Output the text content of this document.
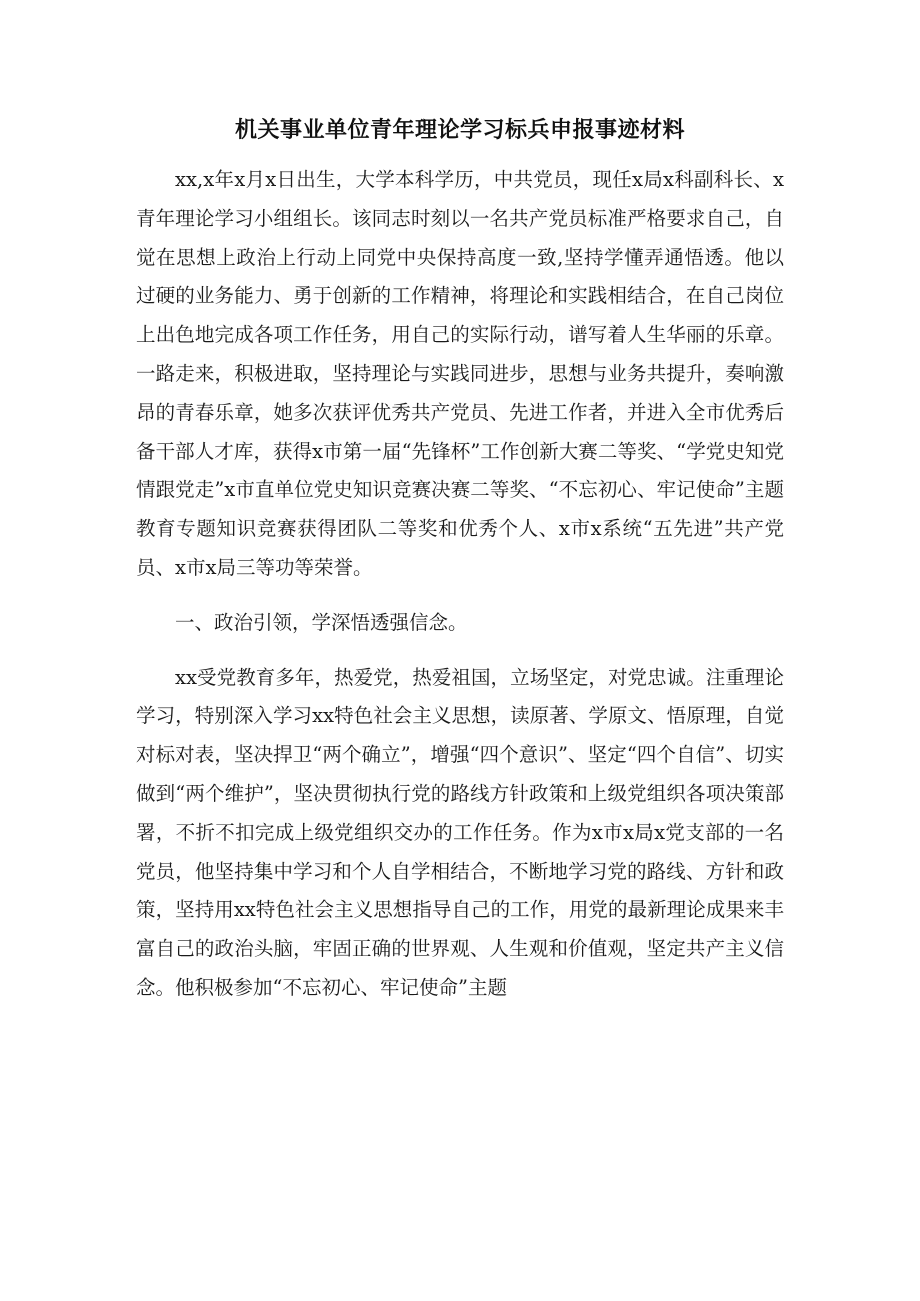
机关事业单位青年理论学习标兵申报事迹材料

xx,x年x月x日出生，大学本科学历，中共党员，现任x局x科副科长、x青年理论学习小组组长。该同志时刻以一名共产党员标准严格要求自己，自觉在思想上政治上行动上同党中央保持高度一致,坚持学懂弄通悟透。他以过硬的业务能力、勇于创新的工作精神，将理论和实践相结合，在自己岗位上出色地完成各项工作任务，用自己的实际行动，谱写着人生华丽的乐章。一路走来，积极进取，坚持理论与实践同进步，思想与业务共提升，奏响激昂的青春乐章，她多次获评优秀共产党员、先进工作者，并进入全市优秀后备干部人才库，获得x市第一届“先锋杯”工作创新大赛二等奖、“学党史知党情跟党走”x市直单位党史知识竞赛决赛二等奖、“不忘初心、牢记使命”主题教育专题知识竞赛获得团队二等奖和优秀个人、x市x系统“五先进”共产党员、x市x局三等功等荣誉。

一、政治引领，学深悟透强信念。

xx受党教育多年，热爱党，热爱祖国，立场坚定，对党忠诚。注重理论学习，特别深入学习xx特色社会主义思想，读原著、学原文、悟原理，自觉对标对表，坚决捍卫“两个确立”，增强“四个意识”、坚定“四个自信”、切实做到“两个维护”，坚决贯彻执行党的路线方针政策和上级党组织各项决策部署，不折不扣完成上级党组织交办的工作任务。作为x市x局x党支部的一名党员，他坚持集中学习和个人自学相结合，不断地学习党的路线、方针和政策，坚持用xx特色社会主义思想指导自己的工作，用党的最新理论成果来丰富自己的政治头脑，牢固正确的世界观、人生观和价值观，坚定共产主义信念。他积极参加“不忘初心、牢记使命”主题
